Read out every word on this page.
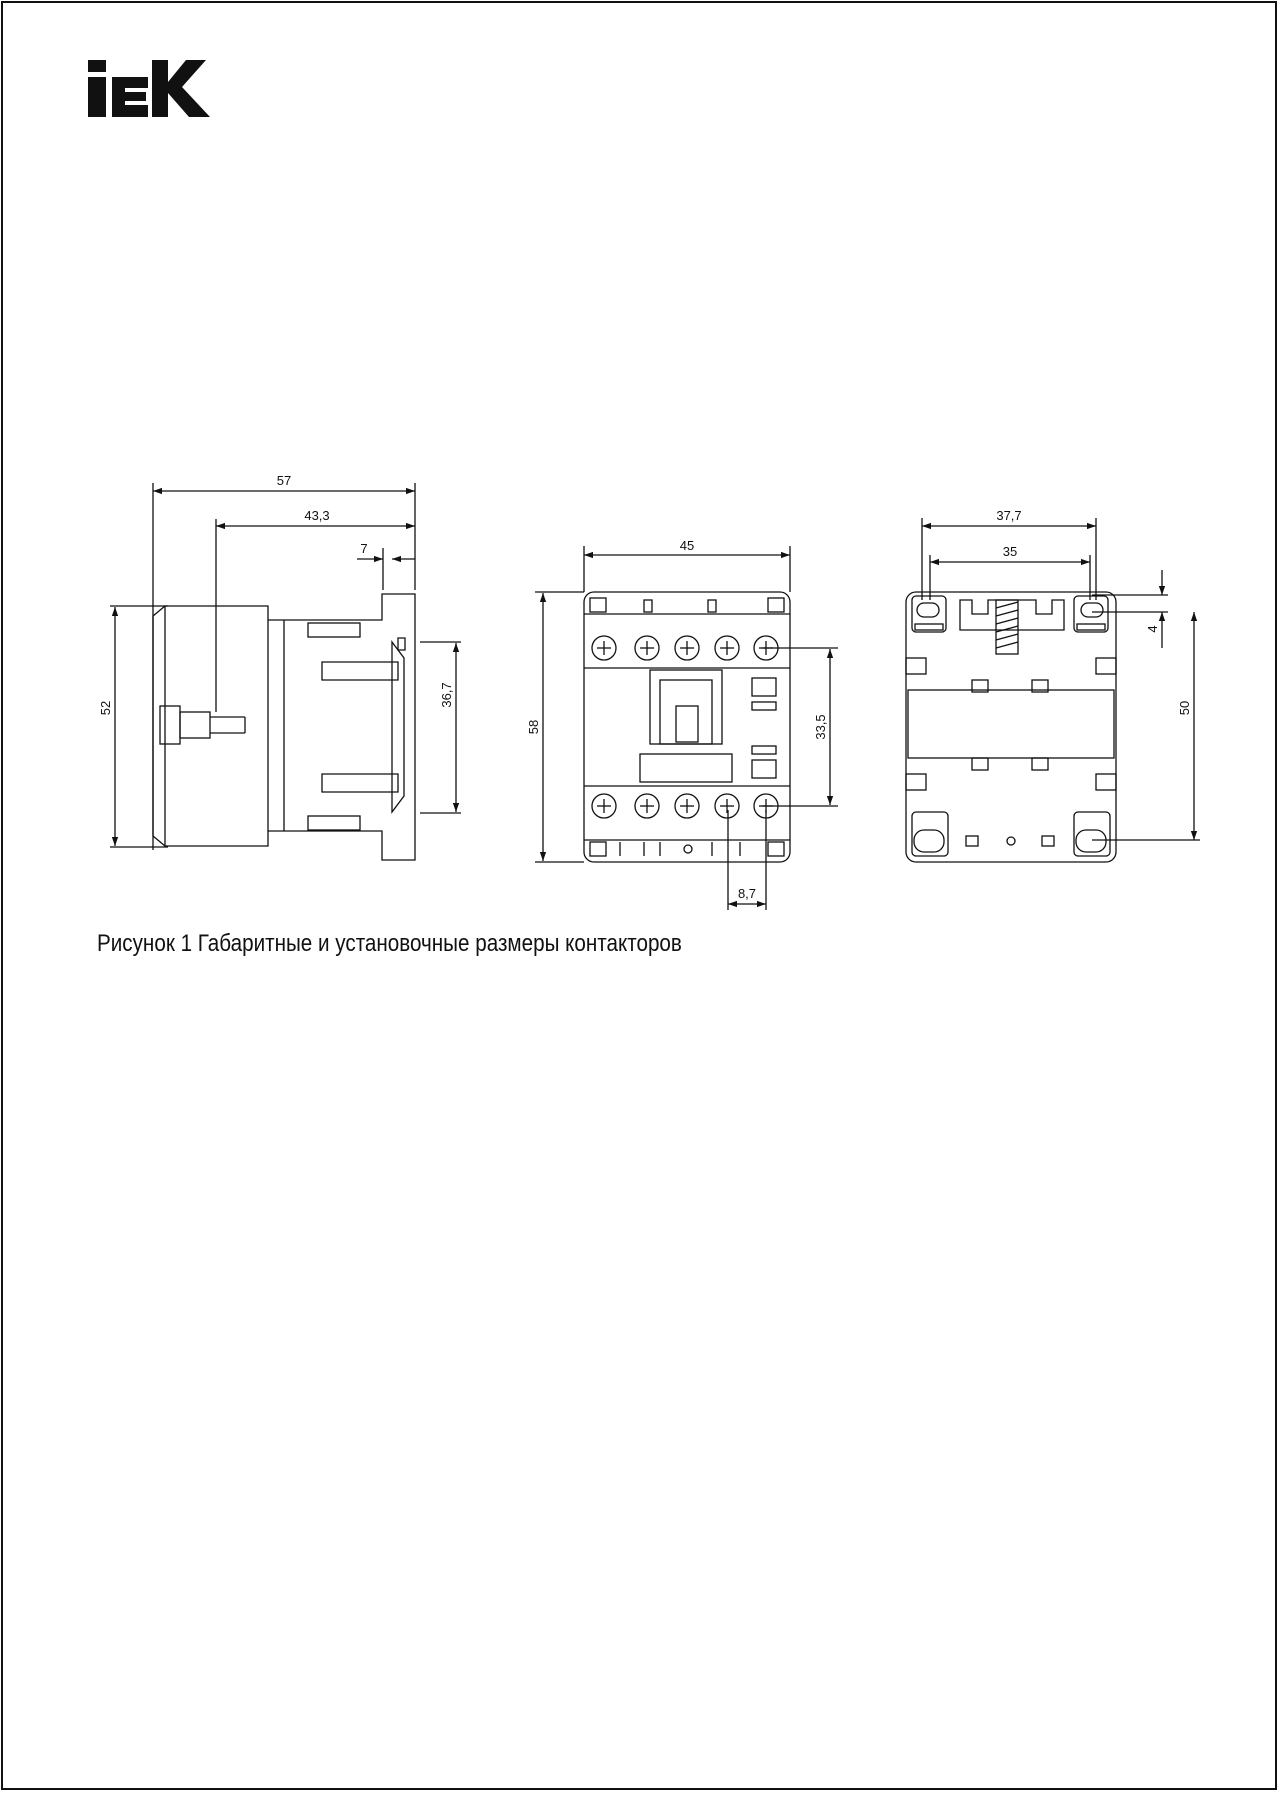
57
43,3
7
52
36,7
45
58	33,5
8,7
37,7
35
4
50
Рисунок 1 Габаритные и установочные размеры контакторов
